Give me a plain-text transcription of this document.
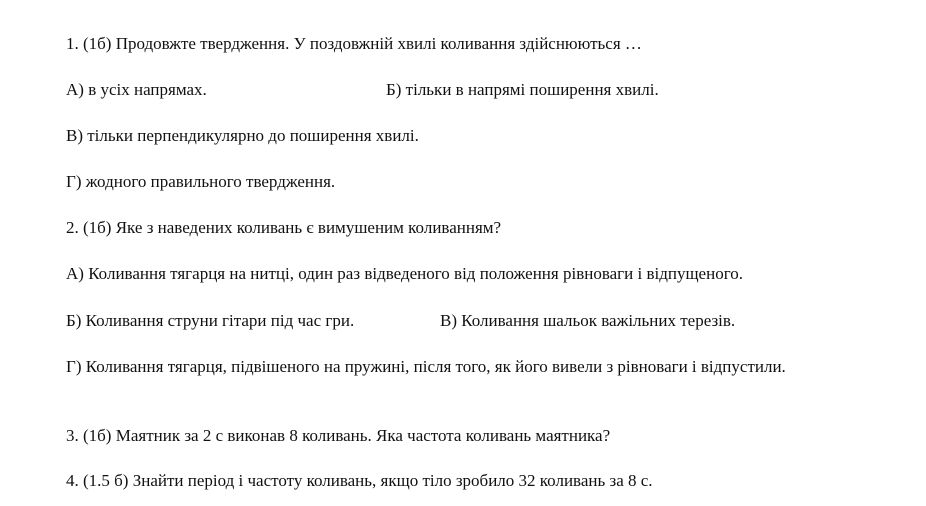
1. (1б) Продовжте твердження. У поздовжній хвилі коливання здійснюються …
А) в усіх напрямах.	Б) тільки в напрямі поширення хвилі.
В) тільки перпендикулярно до поширення хвилі.
Г) жодного правильного твердження.
2. (1б) Яке з наведених коливань є вимушеним коливанням?
А) Коливання тягарця на нитці, один раз відведеного від положення рівноваги і відпущеного.
Б) Коливання струни гітари під час гри.	В) Коливання шальок важільних терезів.
Г) Коливання тягарця, підвішеного на пружині, після того, як його вивели з рівноваги і відпустили.
3. (1б) Маятник за 2 с виконав 8 коливань. Яка частота коливань маятника?
4. (1.5 б) Знайти період і частоту коливань, якщо тіло зробило 32 коливань за 8 с.
